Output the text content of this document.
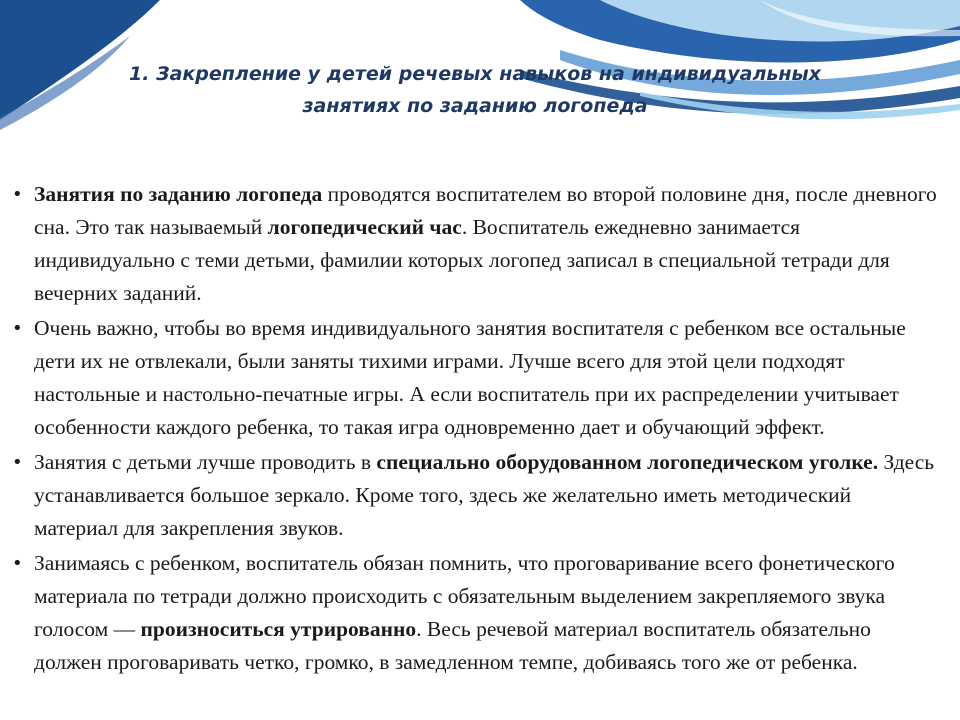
1. Закрепление у детей речевых навыков на индивидуальных
занятиях по заданию логопеда
• Занятия по заданию логопеда проводятся воспитателем во второй половине дня, после дневного сна. Это так называемый логопедический час. Воспитатель ежедневно занимается индивидуально с теми детьми, фамилии которых логопед записал в специальной тетради для вечерних заданий.
• Очень важно, чтобы во время индивидуального занятия воспитателя с ребенком все остальные дети их не отвлекали, были заняты тихими играми. Лучше всего для этой цели подходят настольные и настольно-печатные игры. А если воспитатель при их распределении учитывает особенности каждого ребенка, то такая игра одновременно дает и обучающий эффект.
• Занятия с детьми лучше проводить в специально оборудованном логопедическом уголке. Здесь устанавливается большое зеркало. Кроме того, здесь же желательно иметь методический материал для закрепления звуков.
• Занимаясь с ребенком, воспитатель обязан помнить, что проговаривание всего фонетического материала по тетради должно происходить с обязательным выделением закрепляемого звука голосом — произноситься утрированно. Весь речевой материал воспитатель обязательно должен проговаривать четко, громко, в замедленном темпе, добиваясь того же от ребенка.
